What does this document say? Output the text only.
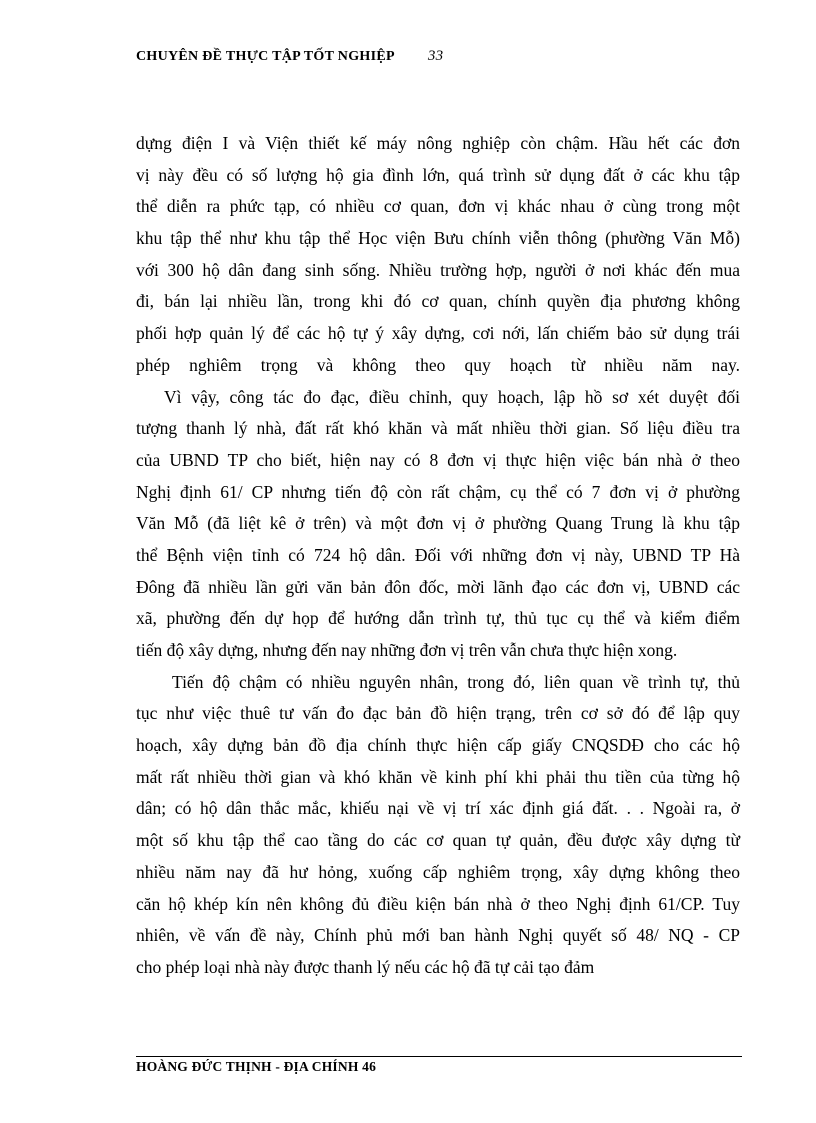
CHUYÊN ĐỀ THỰC TẬP TỐT NGHIỆP 33
dựng điện I và Viện thiết kế máy nông nghiệp còn chậm. Hầu hết các đơn
vị này đều có số lượng hộ gia đình lớn, quá trình sử dụng đất ở các khu tập
thể diễn ra phức tạp, có nhiều cơ quan, đơn vị khác nhau ở cùng trong một
khu tập thể như khu tập thể Học viện Bưu chính viễn thông (phường Văn Mỗ)
với 300 hộ dân đang sinh sống. Nhiều trường hợp, người ở nơi khác đến mua
đi, bán lại nhiều lần, trong khi đó cơ quan, chính quyền địa phương không
phối hợp quản lý để các hộ tự ý xây dựng, cơi nới, lấn chiếm bảo sử dụng trái
phép nghiêm trọng và không theo quy hoạch từ nhiều năm nay.
Vì vậy, công tác đo đạc, điều chỉnh, quy hoạch, lập hồ sơ xét duyệt đối
tượng thanh lý nhà, đất rất khó khăn và mất nhiều thời gian. Số liệu điều tra
của UBND TP cho biết, hiện nay có 8 đơn vị thực hiện việc bán nhà ở theo
Nghị định 61/ CP nhưng tiến độ còn rất chậm, cụ thể có 7 đơn vị ở phường
Văn Mỗ (đã liệt kê ở trên) và một đơn vị ở phường Quang Trung là khu tập
thể Bệnh viện tỉnh có 724 hộ dân. Đối với những đơn vị này, UBND TP Hà
Đông đã nhiều lần gửi văn bản đôn đốc, mời lãnh đạo các đơn vị, UBND các
xã, phường đến dự họp để hướng dẫn trình tự, thủ tục cụ thể và kiểm điểm
tiến độ xây dựng, nhưng đến nay những đơn vị trên vẫn chưa thực hiện xong.
Tiến độ chậm có nhiều nguyên nhân, trong đó, liên quan về trình tự, thủ
tục như việc thuê tư vấn đo đạc bản đồ hiện trạng, trên cơ sở đó để lập quy
hoạch, xây dựng bản đồ địa chính thực hiện cấp giấy CNQSDĐ cho các hộ
mất rất nhiều thời gian và khó khăn về kinh phí khi phải thu tiền của từng hộ
dân; có hộ dân thắc mắc, khiếu nại về vị trí xác định giá đất. . . Ngoài ra, ở
một số khu tập thể cao tầng do các cơ quan tự quản, đều được xây dựng từ
nhiều năm nay đã hư hỏng, xuống cấp nghiêm trọng, xây dựng không theo
căn hộ khép kín nên không đủ điều kiện bán nhà ở theo Nghị định 61/CP. Tuy
nhiên, về vấn đề này, Chính phủ mới ban hành Nghị quyết số 48/ NQ - CP
cho phép loại nhà này được thanh lý nếu các hộ đã tự cải tạo đảm
HOÀNG ĐỨC THỊNH - ĐỊA CHÍNH 46
